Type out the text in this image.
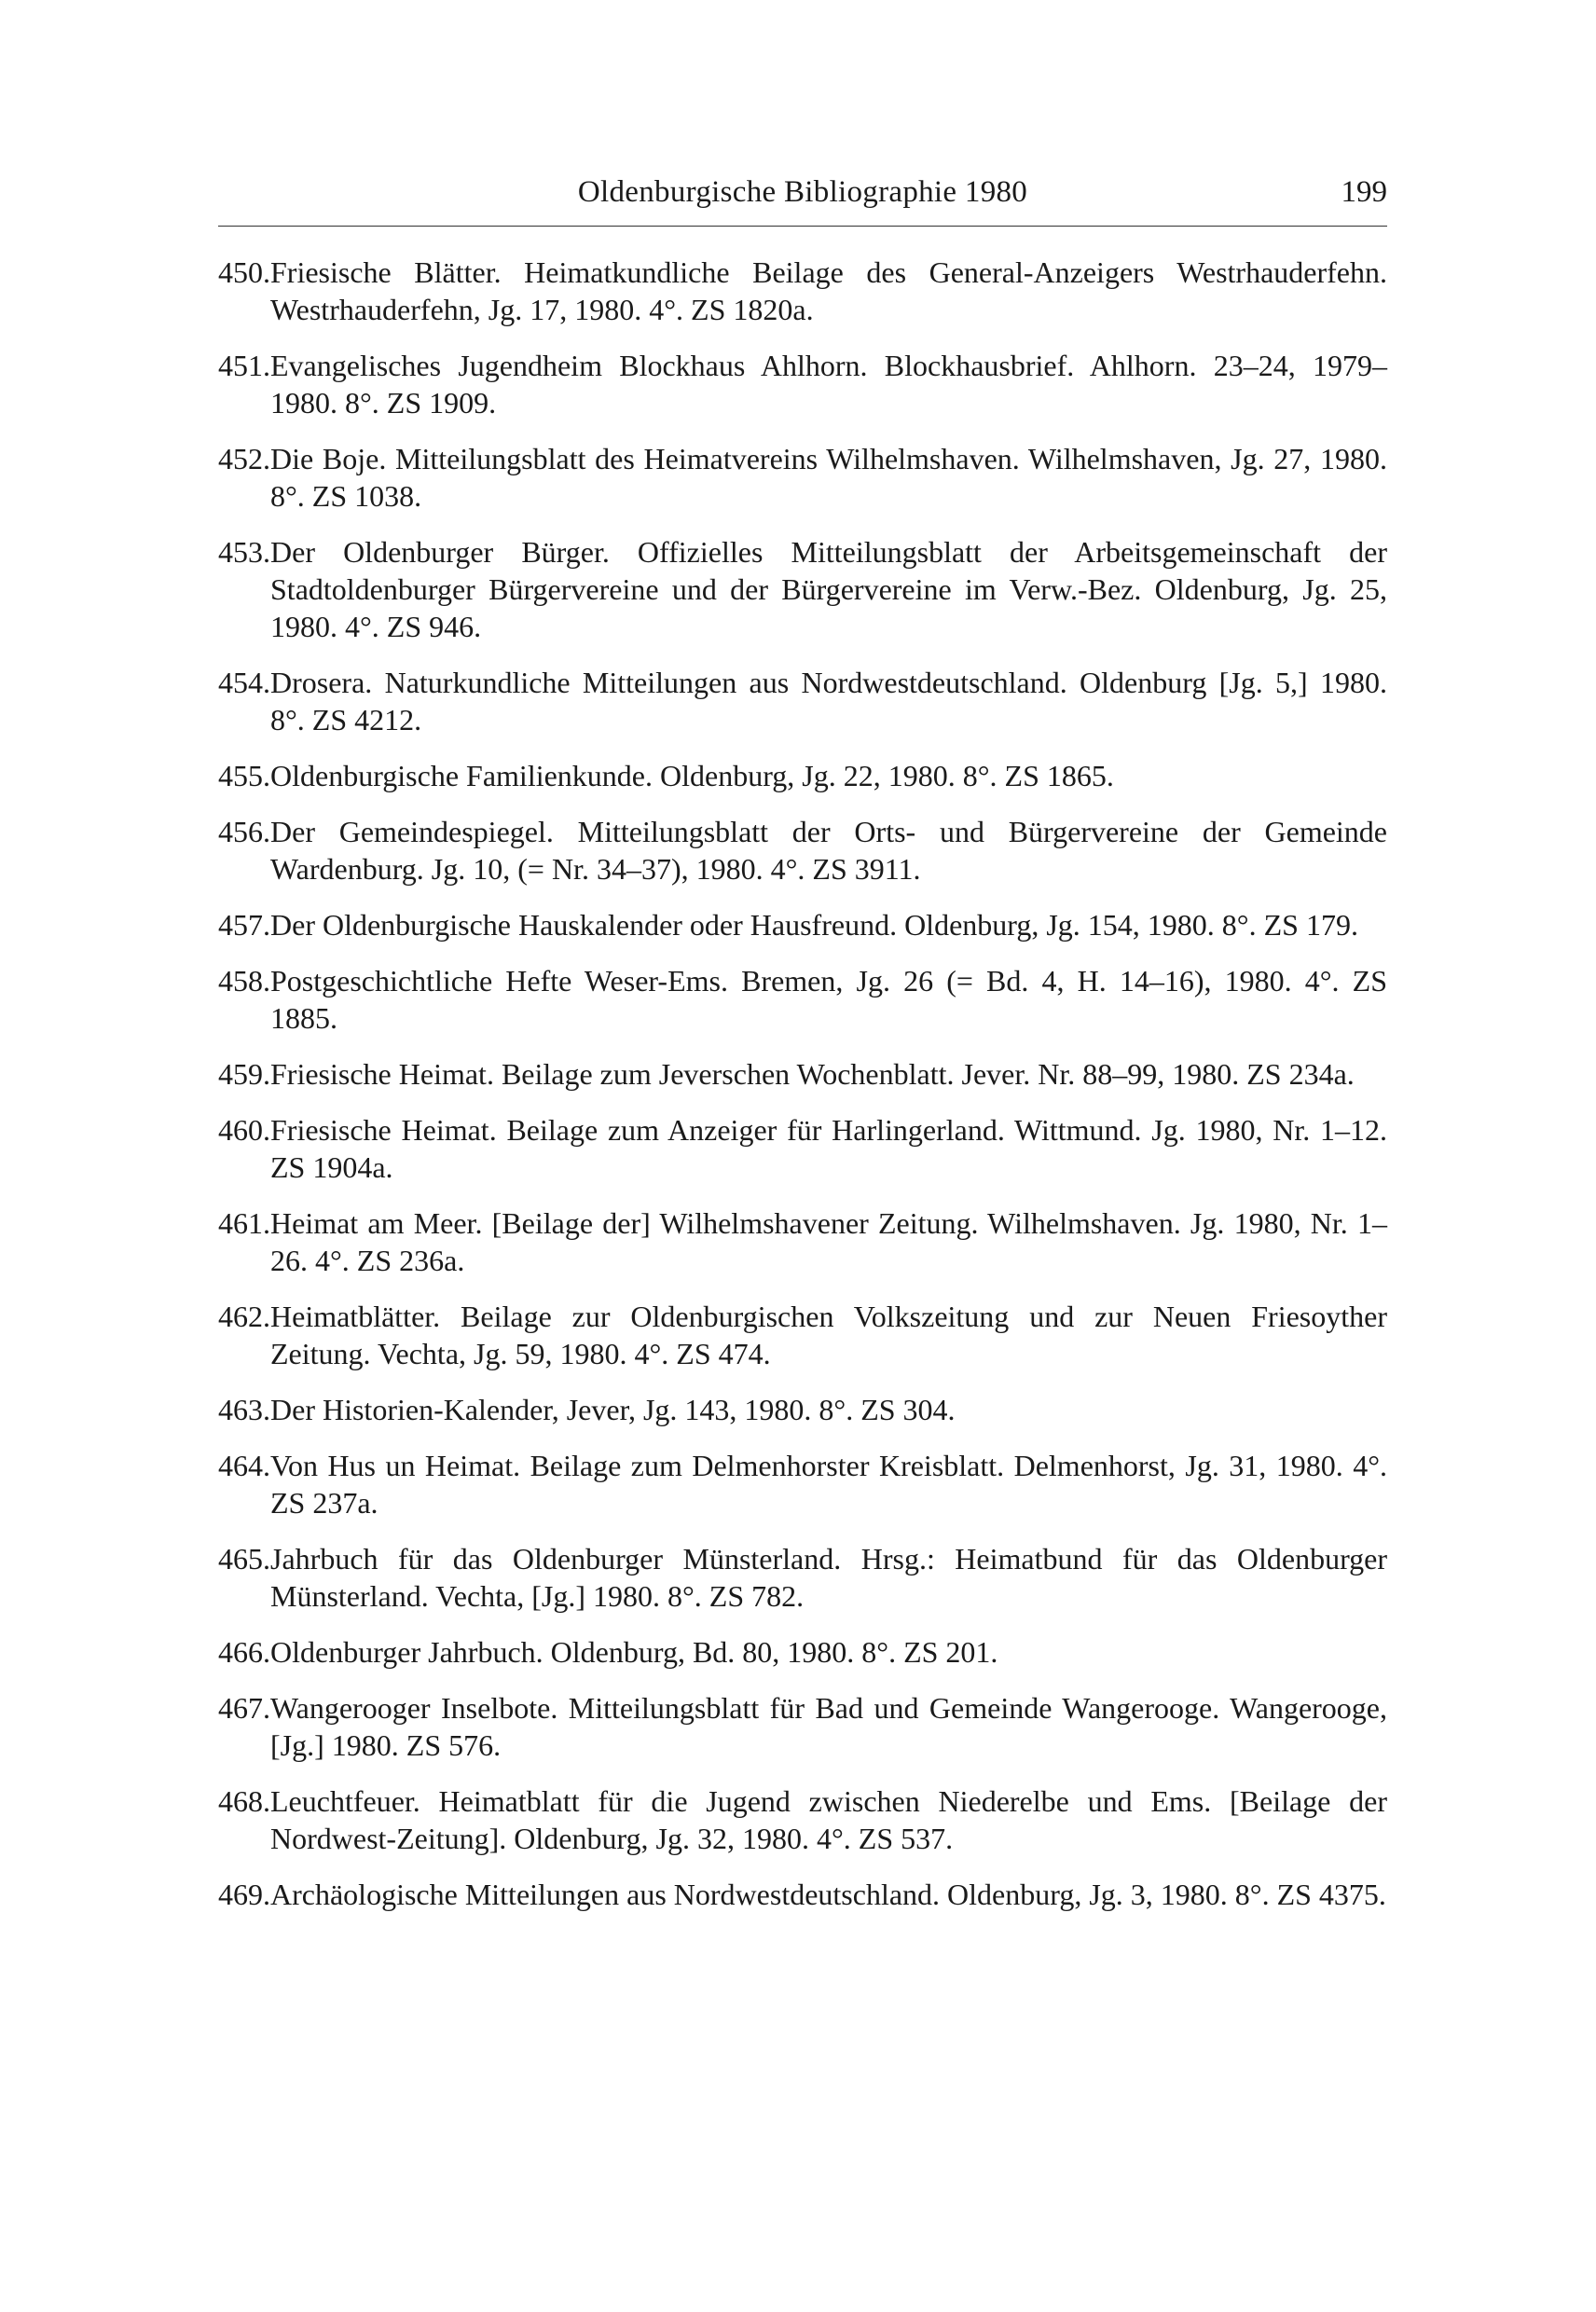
Oldenburgische Bibliographie 1980	199
450. Friesische Blätter. Heimatkundliche Beilage des General-Anzeigers Westrhauderfehn. Westrhauderfehn, Jg. 17, 1980. 4°. ZS 1820a.
451. Evangelisches Jugendheim Blockhaus Ahlhorn. Blockhausbrief. Ahlhorn. 23–24, 1979–1980. 8°. ZS 1909.
452. Die Boje. Mitteilungsblatt des Heimatvereins Wilhelmshaven. Wilhelmshaven, Jg. 27, 1980. 8°. ZS 1038.
453. Der Oldenburger Bürger. Offizielles Mitteilungsblatt der Arbeitsgemeinschaft der Stadtoldenburger Bürgervereine und der Bürgervereine im Verw.-Bez. Oldenburg, Jg. 25, 1980. 4°. ZS 946.
454. Drosera. Naturkundliche Mitteilungen aus Nordwestdeutschland. Oldenburg [Jg. 5,] 1980. 8°. ZS 4212.
455. Oldenburgische Familienkunde. Oldenburg, Jg. 22, 1980. 8°. ZS 1865.
456. Der Gemeindespiegel. Mitteilungsblatt der Orts- und Bürgervereine der Gemeinde Wardenburg. Jg. 10, (= Nr. 34–37), 1980. 4°. ZS 3911.
457. Der Oldenburgische Hauskalender oder Hausfreund. Oldenburg, Jg. 154, 1980. 8°. ZS 179.
458. Postgeschichtliche Hefte Weser-Ems. Bremen, Jg. 26 (= Bd. 4, H. 14–16), 1980. 4°. ZS 1885.
459. Friesische Heimat. Beilage zum Jeverschen Wochenblatt. Jever. Nr. 88–99, 1980. ZS 234a.
460. Friesische Heimat. Beilage zum Anzeiger für Harlingerland. Wittmund. Jg. 1980, Nr. 1–12. ZS 1904a.
461. Heimat am Meer. [Beilage der] Wilhelmshavener Zeitung. Wilhelmshaven. Jg. 1980, Nr. 1–26. 4°. ZS 236a.
462. Heimatblätter. Beilage zur Oldenburgischen Volkszeitung und zur Neuen Friesoyther Zeitung. Vechta, Jg. 59, 1980. 4°. ZS 474.
463. Der Historien-Kalender, Jever, Jg. 143, 1980. 8°. ZS 304.
464. Von Hus un Heimat. Beilage zum Delmenhorster Kreisblatt. Delmenhorst, Jg. 31, 1980. 4°. ZS 237a.
465. Jahrbuch für das Oldenburger Münsterland. Hrsg.: Heimatbund für das Oldenburger Münsterland. Vechta, [Jg.] 1980. 8°. ZS 782.
466. Oldenburger Jahrbuch. Oldenburg, Bd. 80, 1980. 8°. ZS 201.
467. Wangerooger Inselbote. Mitteilungsblatt für Bad und Gemeinde Wangerooge. Wangerooge, [Jg.] 1980. ZS 576.
468. Leuchtfeuer. Heimatblatt für die Jugend zwischen Niederelbe und Ems. [Beilage der Nordwest-Zeitung]. Oldenburg, Jg. 32, 1980. 4°. ZS 537.
469. Archäologische Mitteilungen aus Nordwestdeutschland. Oldenburg, Jg. 3, 1980. 8°. ZS 4375.
